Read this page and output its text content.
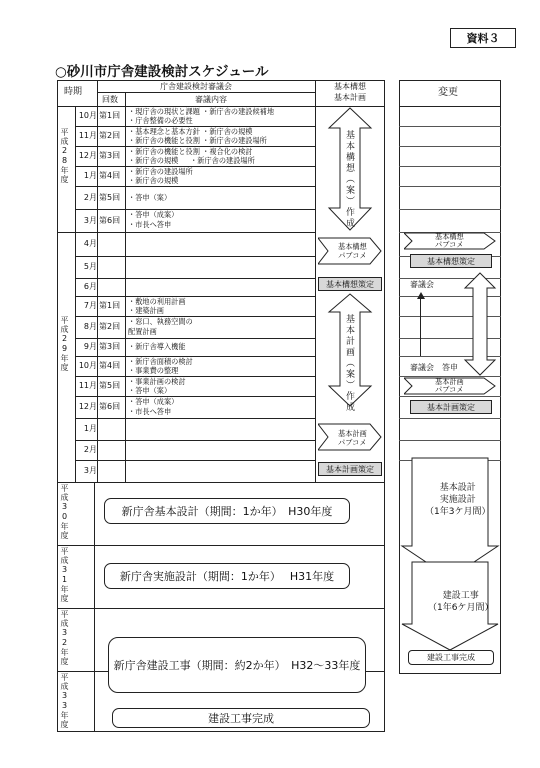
資料３
○砂川市庁舎建設検討スケジュール
時期
庁舎建設検討審議会
回数	審議内容
基本構想
基本計画
平成28年度
平成29年度
平成30年度
平成31年度
平成32年度
平成33年度
10月 第1回 ・現庁舎の現状と課題 ・新庁舎の建設候補地
・庁舎整備の必要性
11月 第2回 ・基本理念と基本方針 ・新庁舎の規模
・新庁舎の機能と役割 ・新庁舎の建設場所
12月 第3回 ・新庁舎の機能と役割 ・複合化の検討
・新庁舎の規模 　 ・新庁舎の建設場所
1月 第4回 ・新庁舎の建設場所
・新庁舎の規模
2月 第5回 ・答申（案）
3月 第6回
・答申（成案）
・市長へ答申
4月
5月
6月
7月 第1回 ・敷地の利用計画
・建築計画
8月 第2回
・窓口、執務空間の
配置計画
9月 第3回 ・新庁舎導入機能
10月 第4回 ・新庁舎面積の検討
・事業費の整理
11月 第5回 ・事業計画の検討
・答申（案）
12月 第6回
・答申（成案）
・市長へ答申
1月
2月
3月
基本構想（案）作成
基本計画（案）作成
基本構想
パブコメ
基本構想策定
基本計画
パブコメ
基本計画策定
新庁舎基本設計（期間：1か年）　H30年度
新庁舎実施設計（期間：1か年）　 H31年度
新庁舎建設工事（期間：約2か年）　H32～33年度
建設工事完成
変更
基本構想
パブコメ
基本構想策定
審議会
審議会　答申
基本計画
パブコメ
基本計画策定
基本設計
実施設計
（1年3ケ月間）
建設工事
（1年6ケ月間）
建設工事完成
